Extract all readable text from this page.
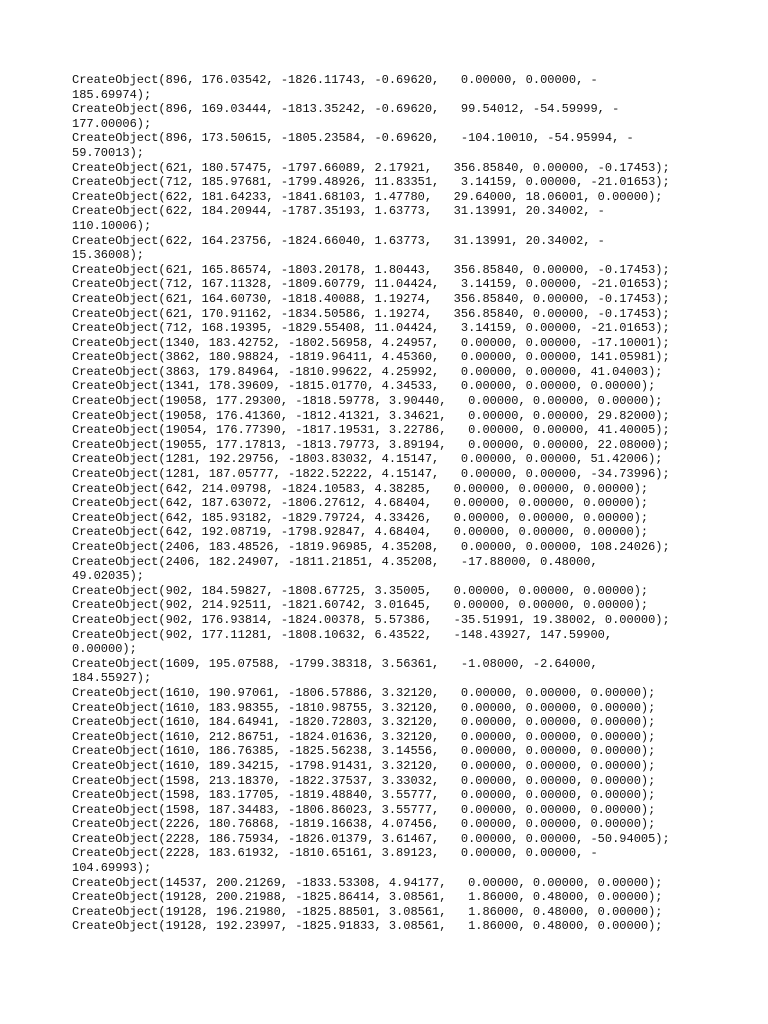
CreateObject(896, 176.03542, -1826.11743, -0.69620,   0.00000, 0.00000, -
185.69974);
CreateObject(896, 169.03444, -1813.35242, -0.69620,   99.54012, -54.59999, -
177.00006);
CreateObject(896, 173.50615, -1805.23584, -0.69620,   -104.10010, -54.95994, -
59.70013);
CreateObject(621, 180.57475, -1797.66089, 2.17921,   356.85840, 0.00000, -0.17453);
CreateObject(712, 185.97681, -1799.48926, 11.83351,   3.14159, 0.00000, -21.01653);
CreateObject(622, 181.64233, -1841.68103, 1.47780,   29.64000, 18.06001, 0.00000);
CreateObject(622, 184.20944, -1787.35193, 1.63773,   31.13991, 20.34002, -
110.10006);
CreateObject(622, 164.23756, -1824.66040, 1.63773,   31.13991, 20.34002, -
15.36008);
CreateObject(621, 165.86574, -1803.20178, 1.80443,   356.85840, 0.00000, -0.17453);
CreateObject(712, 167.11328, -1809.60779, 11.04424,   3.14159, 0.00000, -21.01653);
CreateObject(621, 164.60730, -1818.40088, 1.19274,   356.85840, 0.00000, -0.17453);
CreateObject(621, 170.91162, -1834.50586, 1.19274,   356.85840, 0.00000, -0.17453);
CreateObject(712, 168.19395, -1829.55408, 11.04424,   3.14159, 0.00000, -21.01653);
CreateObject(1340, 183.42752, -1802.56958, 4.24957,   0.00000, 0.00000, -17.10001);
CreateObject(3862, 180.98824, -1819.96411, 4.45360,   0.00000, 0.00000, 141.05981);
CreateObject(3863, 179.84964, -1810.99622, 4.25992,   0.00000, 0.00000, 41.04003);
CreateObject(1341, 178.39609, -1815.01770, 4.34533,   0.00000, 0.00000, 0.00000);
CreateObject(19058, 177.29300, -1818.59778, 3.90440,   0.00000, 0.00000, 0.00000);
CreateObject(19058, 176.41360, -1812.41321, 3.34621,   0.00000, 0.00000, 29.82000);
CreateObject(19054, 176.77390, -1817.19531, 3.22786,   0.00000, 0.00000, 41.40005);
CreateObject(19055, 177.17813, -1813.79773, 3.89194,   0.00000, 0.00000, 22.08000);
CreateObject(1281, 192.29756, -1803.83032, 4.15147,   0.00000, 0.00000, 51.42006);
CreateObject(1281, 187.05777, -1822.52222, 4.15147,   0.00000, 0.00000, -34.73996);
CreateObject(642, 214.09798, -1824.10583, 4.38285,   0.00000, 0.00000, 0.00000);
CreateObject(642, 187.63072, -1806.27612, 4.68404,   0.00000, 0.00000, 0.00000);
CreateObject(642, 185.93182, -1829.79724, 4.33426,   0.00000, 0.00000, 0.00000);
CreateObject(642, 192.08719, -1798.92847, 4.68404,   0.00000, 0.00000, 0.00000);
CreateObject(2406, 183.48526, -1819.96985, 4.35208,   0.00000, 0.00000, 108.24026);
CreateObject(2406, 182.24907, -1811.21851, 4.35208,   -17.88000, 0.48000,
49.02035);
CreateObject(902, 184.59827, -1808.67725, 3.35005,   0.00000, 0.00000, 0.00000);
CreateObject(902, 214.92511, -1821.60742, 3.01645,   0.00000, 0.00000, 0.00000);
CreateObject(902, 176.93814, -1824.00378, 5.57386,   -35.51991, 19.38002, 0.00000);
CreateObject(902, 177.11281, -1808.10632, 6.43522,   -148.43927, 147.59900,
0.00000);
CreateObject(1609, 195.07588, -1799.38318, 3.56361,   -1.08000, -2.64000,
184.55927);
CreateObject(1610, 190.97061, -1806.57886, 3.32120,   0.00000, 0.00000, 0.00000);
CreateObject(1610, 183.98355, -1810.98755, 3.32120,   0.00000, 0.00000, 0.00000);
CreateObject(1610, 184.64941, -1820.72803, 3.32120,   0.00000, 0.00000, 0.00000);
CreateObject(1610, 212.86751, -1824.01636, 3.32120,   0.00000, 0.00000, 0.00000);
CreateObject(1610, 186.76385, -1825.56238, 3.14556,   0.00000, 0.00000, 0.00000);
CreateObject(1610, 189.34215, -1798.91431, 3.32120,   0.00000, 0.00000, 0.00000);
CreateObject(1598, 213.18370, -1822.37537, 3.33032,   0.00000, 0.00000, 0.00000);
CreateObject(1598, 183.17705, -1819.48840, 3.55777,   0.00000, 0.00000, 0.00000);
CreateObject(1598, 187.34483, -1806.86023, 3.55777,   0.00000, 0.00000, 0.00000);
CreateObject(2226, 180.76868, -1819.16638, 4.07456,   0.00000, 0.00000, 0.00000);
CreateObject(2228, 186.75934, -1826.01379, 3.61467,   0.00000, 0.00000, -50.94005);
CreateObject(2228, 183.61932, -1810.65161, 3.89123,   0.00000, 0.00000, -
104.69993);
CreateObject(14537, 200.21269, -1833.53308, 4.94177,   0.00000, 0.00000, 0.00000);
CreateObject(19128, 200.21988, -1825.86414, 3.08561,   1.86000, 0.48000, 0.00000);
CreateObject(19128, 196.21980, -1825.88501, 3.08561,   1.86000, 0.48000, 0.00000);
CreateObject(19128, 192.23997, -1825.91833, 3.08561,   1.86000, 0.48000, 0.00000);
